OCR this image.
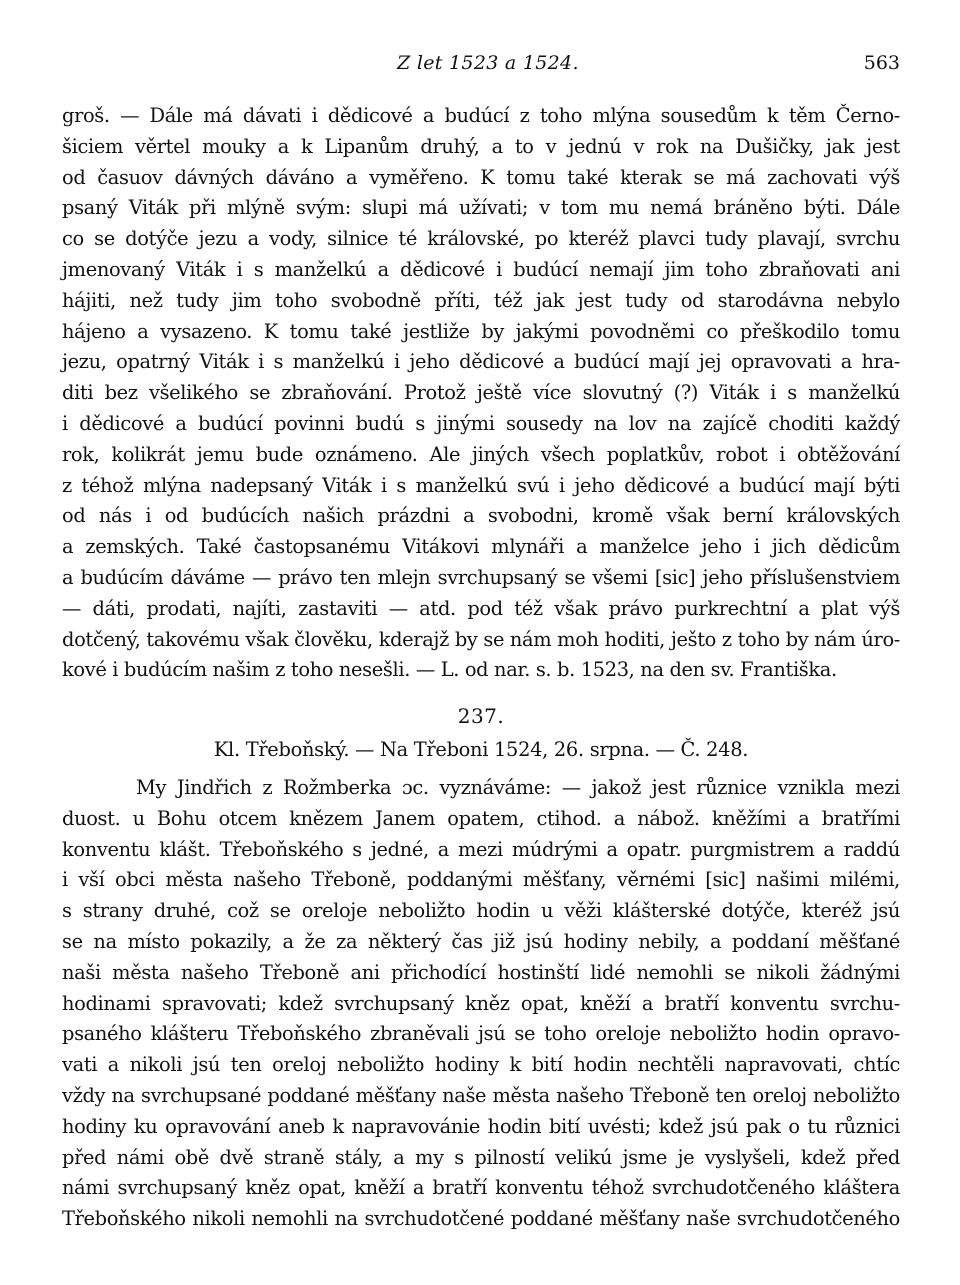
Z let 1523 a 1524.	563
groš. — Dále má dávati i dědicové a budúcí z toho mlýna sousedům k těm Černo-
šiciem věrtel mouky a k Lipanům druhý, a to v jednú v rok na Dušičky, jak jest
od časuov dávných dáváno a vyměřeno. K tomu také kterak se má zachovati výš
psaný Viták při mlýně svým: slupi má užívati; v tom mu nemá bráněno býti. Dále
co se dotýče jezu a vody, silnice té královské, po kteréž plavci tudy plavají, svrchu
jmenovaný Viták i s manželkú a dědicové i budúcí nemají jim toho zbraňovati ani
hájiti, než tudy jim toho svobodně příti, též jak jest tudy od starodávna nebylo
hájeno a vysazeno. K tomu také jestliže by jakými povodněmi co přeškodilo tomu
jezu, opatrný Viták i s manželkú i jeho dědicové a budúcí mají jej opravovati a hra-
diti bez všelikého se zbraňování. Protož ještě více slovutný (?) Viták i s manželkú
i dědicové a budúcí povinni budú s jinými sousedy na lov na zajícě choditi každý
rok, kolikrát jemu bude oznámeno. Ale jiných všech poplatkův, robot i obtěžování
z téhož mlýna nadepsaný Viták i s manželkú svú i jeho dědicové a budúcí mají býti
od nás i od budúcích našich prázdni a svobodni, kromě však berní královských
a zemských. Také častopsanému Vitákovi mlynáři a manželce jeho i jich dědicům
a budúcím dáváme — právo ten mlejn svrchupsaný se všemi [sic] jeho příslušenstviem
— dáti, prodati, najíti, zastaviti — atd. pod též však právo purkrechtní a plat výš
dotčený, takovému však člověku, kderajž by se nám moh hoditi, ješto z toho by nám úro-
kové i budúcím našim z toho nesešli. — L. od nar. s. b. 1523, na den sv. Františka.
237.
Kl. Třeboňský. — Na Třeboni 1524, 26. srpna. — Č. 248.
My Jindřich z Rožmberka ɔc. vyznáváme: — jakož jest různice vznikla mezi
duost. u Bohu otcem knězem Janem opatem, ctihod. a nábož. kněžími a bratřími
konventu klášt. Třeboňského s jedné, a mezi múdrými a opatr. purgmistrem a raddú
i vší obci města našeho Třeboně, poddanými měšťany, věrnémi [sic] našimi milémi,
s strany druhé, což se oreloje neboližto hodin u věži klášterské dotýče, kteréž jsú
se na místo pokazily, a že za některý čas již jsú hodiny nebily, a poddaní měšťané
naši města našeho Třeboně ani přichodící hostinští lidé nemohli se nikoli žádnými
hodinami spravovati; kdež svrchupsaný kněz opat, kněží a bratří konventu svrchu-
psaného klášteru Třeboňského zbraněvali jsú se toho oreloje neboližto hodin opravo-
vati a nikoli jsú ten oreloj neboližto hodiny k bití hodin nechtěli napravovati, chtíc
vždy na svrchupsané poddané měšťany naše města našeho Třeboně ten oreloj neboližto
hodiny ku opravování aneb k napravovánie hodin bití uvésti; kdež jsú pak o tu různici
před námi obě dvě straně stály, a my s pilností velikú jsme je vyslyšeli, kdež před
námi svrchupsaný kněz opat, kněží a bratří konventu téhož svrchudotčeného kláštera
Třeboňského nikoli nemohli na svrchudotčené poddané měšťany naše svrchudotčeného
